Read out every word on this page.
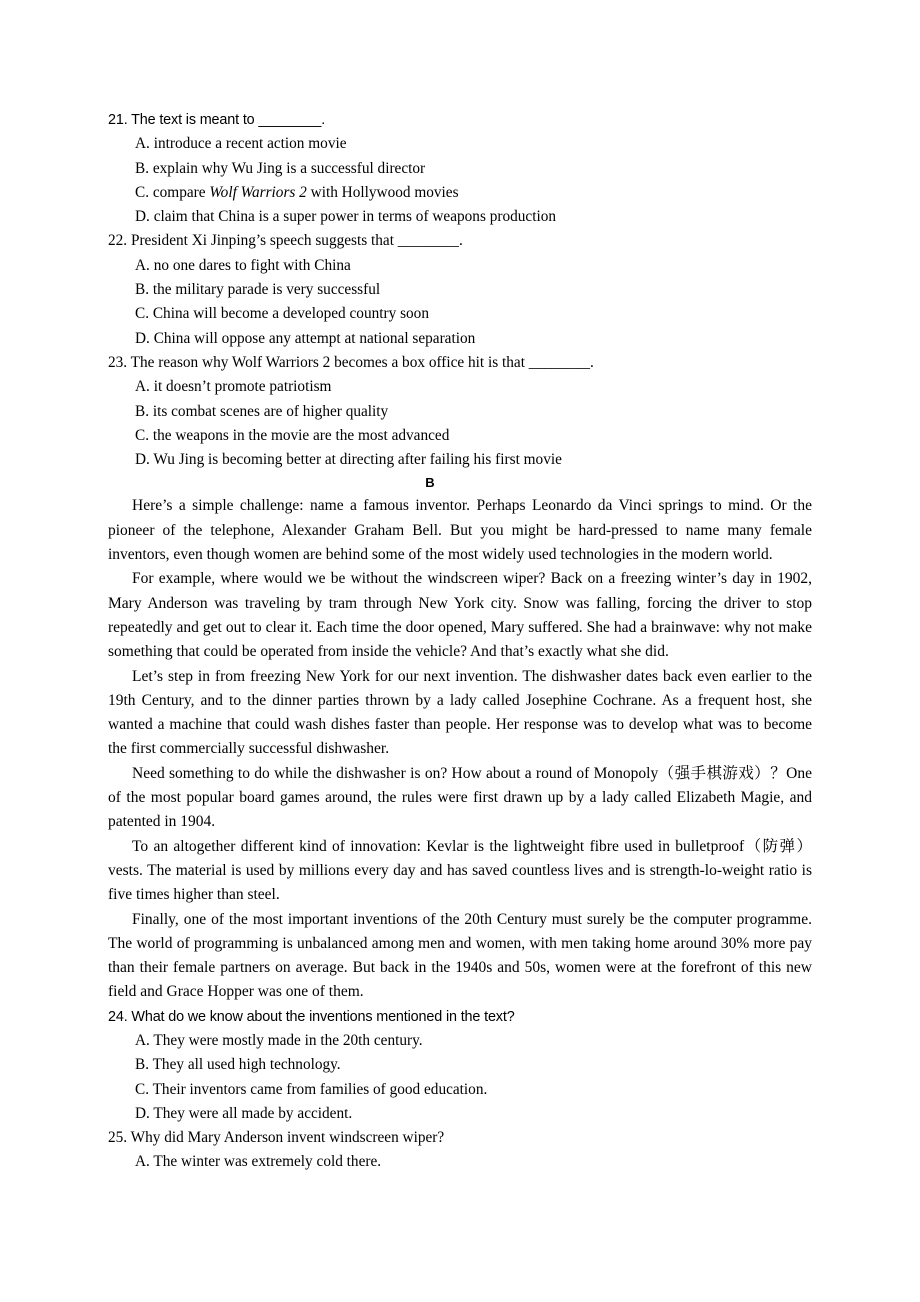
21. The text is meant to ________.

A. introduce a recent action movie

B. explain why Wu Jing is a successful director

C. compare Wolf Warriors 2 with Hollywood movies

D. claim that China is a super power in terms of weapons production

22. President Xi Jinping’s speech suggests that ________.

A. no one dares to fight with China

B. the military parade is very successful

C. China will become a developed country soon

D. China will oppose any attempt at national separation

23. The reason why Wolf Warriors 2 becomes a box office hit is that ________.

A. it doesn’t promote patriotism

B. its combat scenes are of higher quality

C. the weapons in the movie are the most advanced

D. Wu Jing is becoming better at directing after failing his first movie

B

Here’s a simple challenge: name a famous inventor. Perhaps Leonardo da Vinci springs to mind. Or the pioneer of the telephone, Alexander Graham Bell. But you might be hard-pressed to name many female inventors, even though women are behind some of the most widely used technologies in the modern world.

For example, where would we be without the windscreen wiper? Back on a freezing winter’s day in 1902, Mary Anderson was traveling by tram through New York city. Snow was falling, forcing the driver to stop repeatedly and get out to clear it. Each time the door opened, Mary suffered. She had a brainwave: why not make something that could be operated from inside the vehicle? And that’s exactly what she did.

Let’s step in from freezing New York for our next invention. The dishwasher dates back even earlier to the 19th Century, and to the dinner parties thrown by a lady called Josephine Cochrane. As a frequent host, she wanted a machine that could wash dishes faster than people. Her response was to develop what was to become the first commercially successful dishwasher.

Need something to do while the dishwasher is on? How about a round of Monopoly（强手棋游戏）？One of the most popular board games around, the rules were first drawn up by a lady called Elizabeth Magie, and patented in 1904.

To an altogether different kind of innovation: Kevlar is the lightweight fibre used in bulletproof（防弹）vests. The material is used by millions every day and has saved countless lives and is strength-lo-weight ratio is five times higher than steel.

Finally, one of the most important inventions of the 20th Century must surely be the computer programme. The world of programming is unbalanced among men and women, with men taking home around 30% more pay than their female partners on average. But back in the 1940s and 50s, women were at the forefront of this new field and Grace Hopper was one of them.

24. What do we know about the inventions mentioned in the text?

A. They were mostly made in the 20th century.

B. They all used high technology.

C. Their inventors came from families of good education.

D. They were all made by accident.

25. Why did Mary Anderson invent windscreen wiper?

A. The winter was extremely cold there.
